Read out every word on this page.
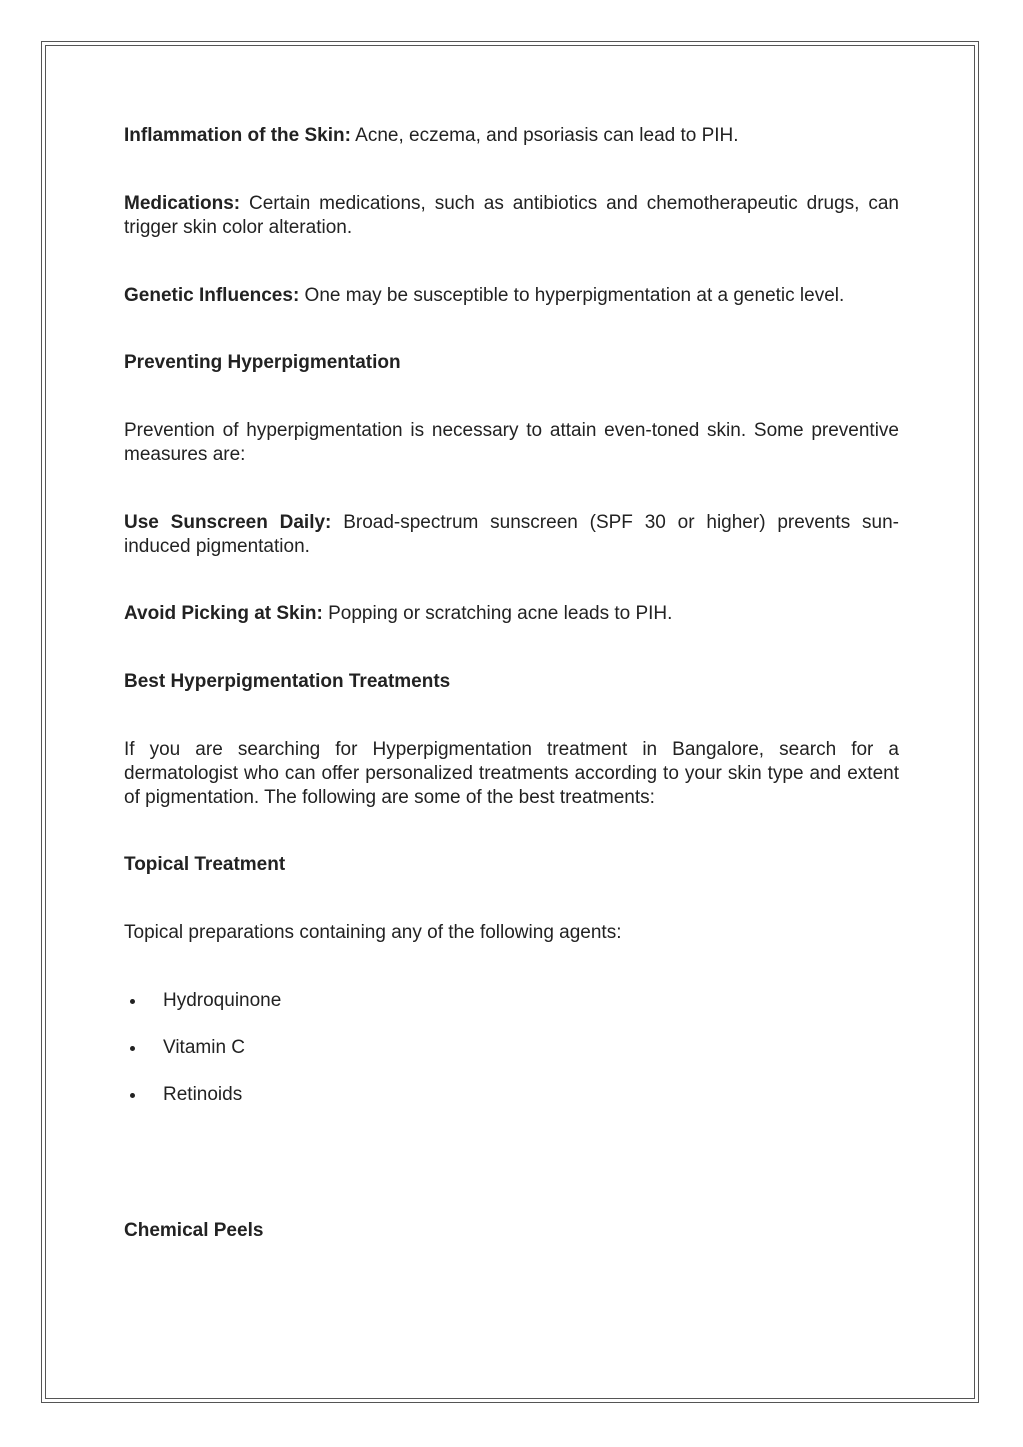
Inflammation of the Skin: Acne, eczema, and psoriasis can lead to PIH.

Medications: Certain medications, such as antibiotics and chemotherapeutic drugs, can trigger skin color alteration.

Genetic Influences: One may be susceptible to hyperpigmentation at a genetic level.

Preventing Hyperpigmentation

Prevention of hyperpigmentation is necessary to attain even-toned skin. Some preventive measures are:

Use Sunscreen Daily: Broad-spectrum sunscreen (SPF 30 or higher) prevents sun-induced pigmentation.

Avoid Picking at Skin: Popping or scratching acne leads to PIH.

Best Hyperpigmentation Treatments

If you are searching for Hyperpigmentation treatment in Bangalore, search for a dermatologist who can offer personalized treatments according to your skin type and extent of pigmentation. The following are some of the best treatments:

Topical Treatment

Topical preparations containing any of the following agents:

Hydroquinone
Vitamin C
Retinoids
Chemical Peels
